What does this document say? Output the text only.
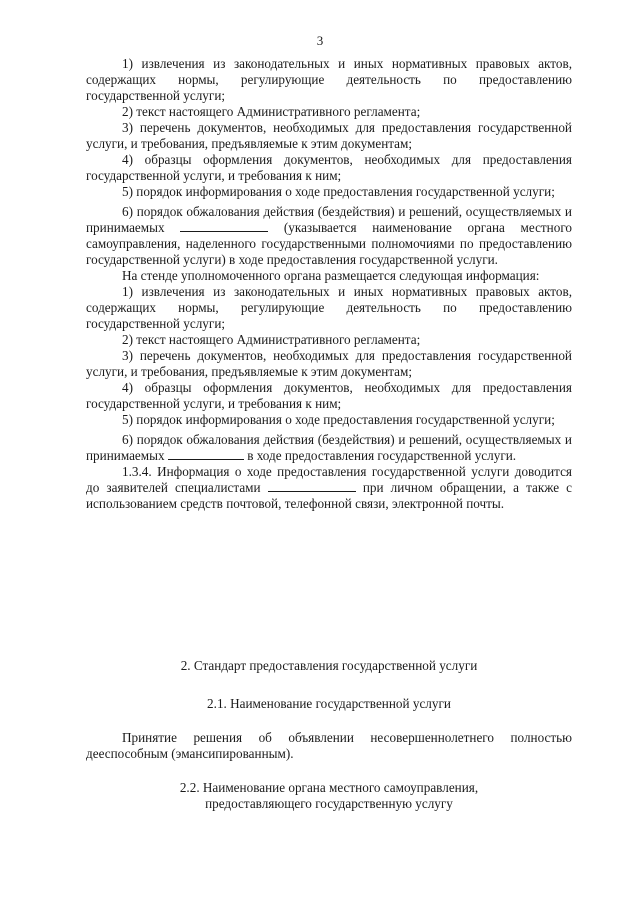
3

1) извлечения из законодательных и иных нормативных правовых актов, содержащих нормы, регулирующие деятельность по предоставлению государственной услуги;

2) текст настоящего Административного регламента;

3) перечень документов, необходимых для предоставления государственной услуги, и требования, предъявляемые к этим документам;

4) образцы оформления документов, необходимых для предоставления государственной услуги, и требования к ним;

5) порядок информирования о ходе предоставления государственной услуги;

6) порядок обжалования действия (бездействия) и решений, осуществляемых и принимаемых	(указывается наименование органа местного самоуправления, наделенного государственными полномочиями по предоставлению государственной услуги) в ходе предоставления государственной услуги.

На стенде уполномоченного органа размещается следующая информация:

1) извлечения из законодательных и иных нормативных правовых актов, содержащих нормы, регулирующие деятельность по предоставлению государственной услуги;

2) текст настоящего Административного регламента;

3) перечень документов, необходимых для предоставления государственной услуги, и требования, предъявляемые к этим документам;

4) образцы оформления документов, необходимых для предоставления государственной услуги, и требования к ним;

5) порядок информирования о ходе предоставления государственной услуги;

6) порядок обжалования действия (бездействия) и решений, осуществляемых и принимаемых	в ходе предоставления государственной услуги.

1.3.4. Информация о ходе предоставления государственной услуги доводится до заявителей специалистами	при личном обращении, а также с использованием средств почтовой, телефонной связи, электронной почты.

2. Стандарт предоставления государственной услуги

2.1. Наименование государственной услуги

Принятие решения об объявлении несовершеннолетнего полностью дееспособным (эмансипированным).

2.2. Наименование органа местного самоуправления,

предоставляющего государственную услугу
